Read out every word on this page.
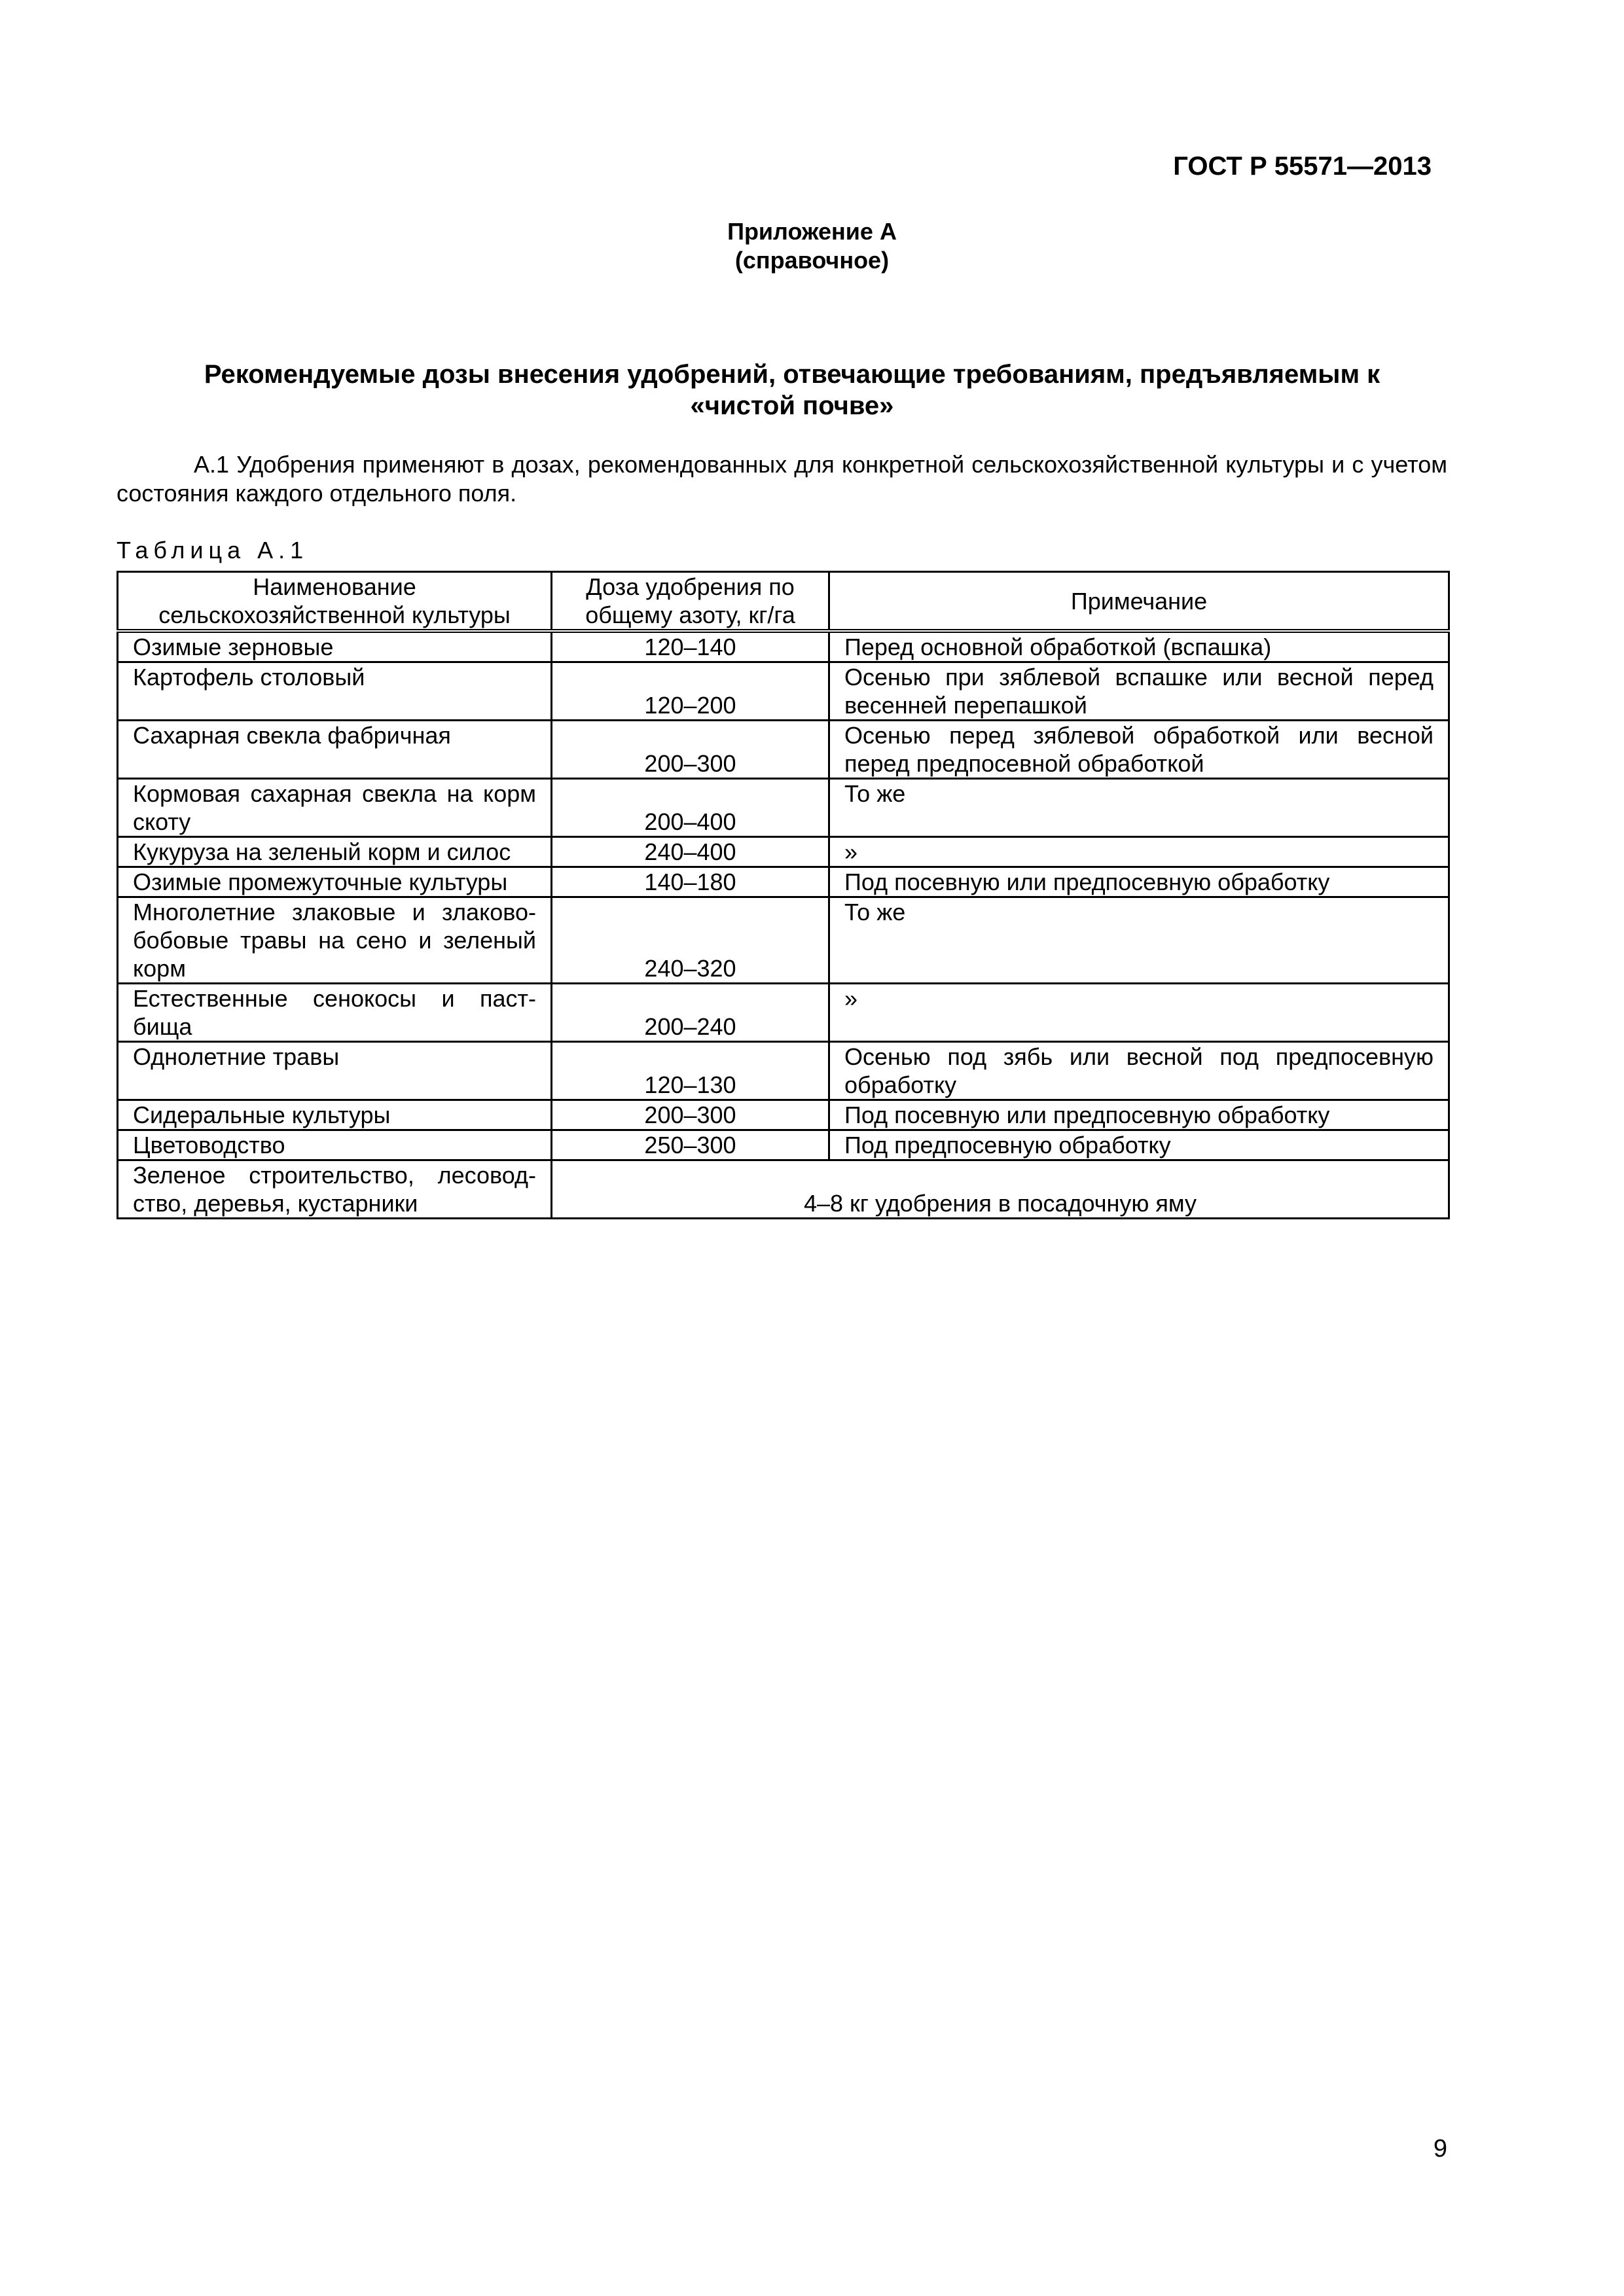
ГОСТ Р 55571—2013

Приложение А
(справочное)
Рекомендуемые дозы внесения удобрений, отвечающие требованиям, предъявляемым к
«чистой почве»

А.1 Удобрения применяют в дозах, рекомендованных для конкретной сельскохозяйственной культуры и с учетом состояния каждого отдельного поля.

Таблица А.1

Наименование сельскохозяйственной культуры	Доза удобрения по общему азоту, кг/га	Примечание
Озимые зерновые	120–140	Перед основной обработкой (вспашка)
Картофель столовый	120–200	Осенью при зяблевой вспашке или весной перед весенней перепашкой
Сахарная свекла фабричная	200–300	Осенью перед зяблевой обработкой или весной перед предпосевной обработкой
Кормовая сахарная свекла на корм скоту	200–400	То же
Кукуруза на зеленый корм и силос	240–400	»
Озимые промежуточные культуры	140–180	Под посевную или предпосевную обработку
Многолетние злаковые и злаково-бобовые травы на сено и зеленый корм	240–320	То же
Естественные сенокосы и паст-бища	200–240	»
Однолетние травы	120–130	Осенью под зябь или весной под предпосевную обработку
Сидеральные культуры	200–300	Под посевную или предпосевную обработку
Цветоводство	250–300	Под предпосевную обработку
Зеленое строительство, лесовод-ство, деревья, кустарники	4–8 кг удобрения в посадочную яму	

9
